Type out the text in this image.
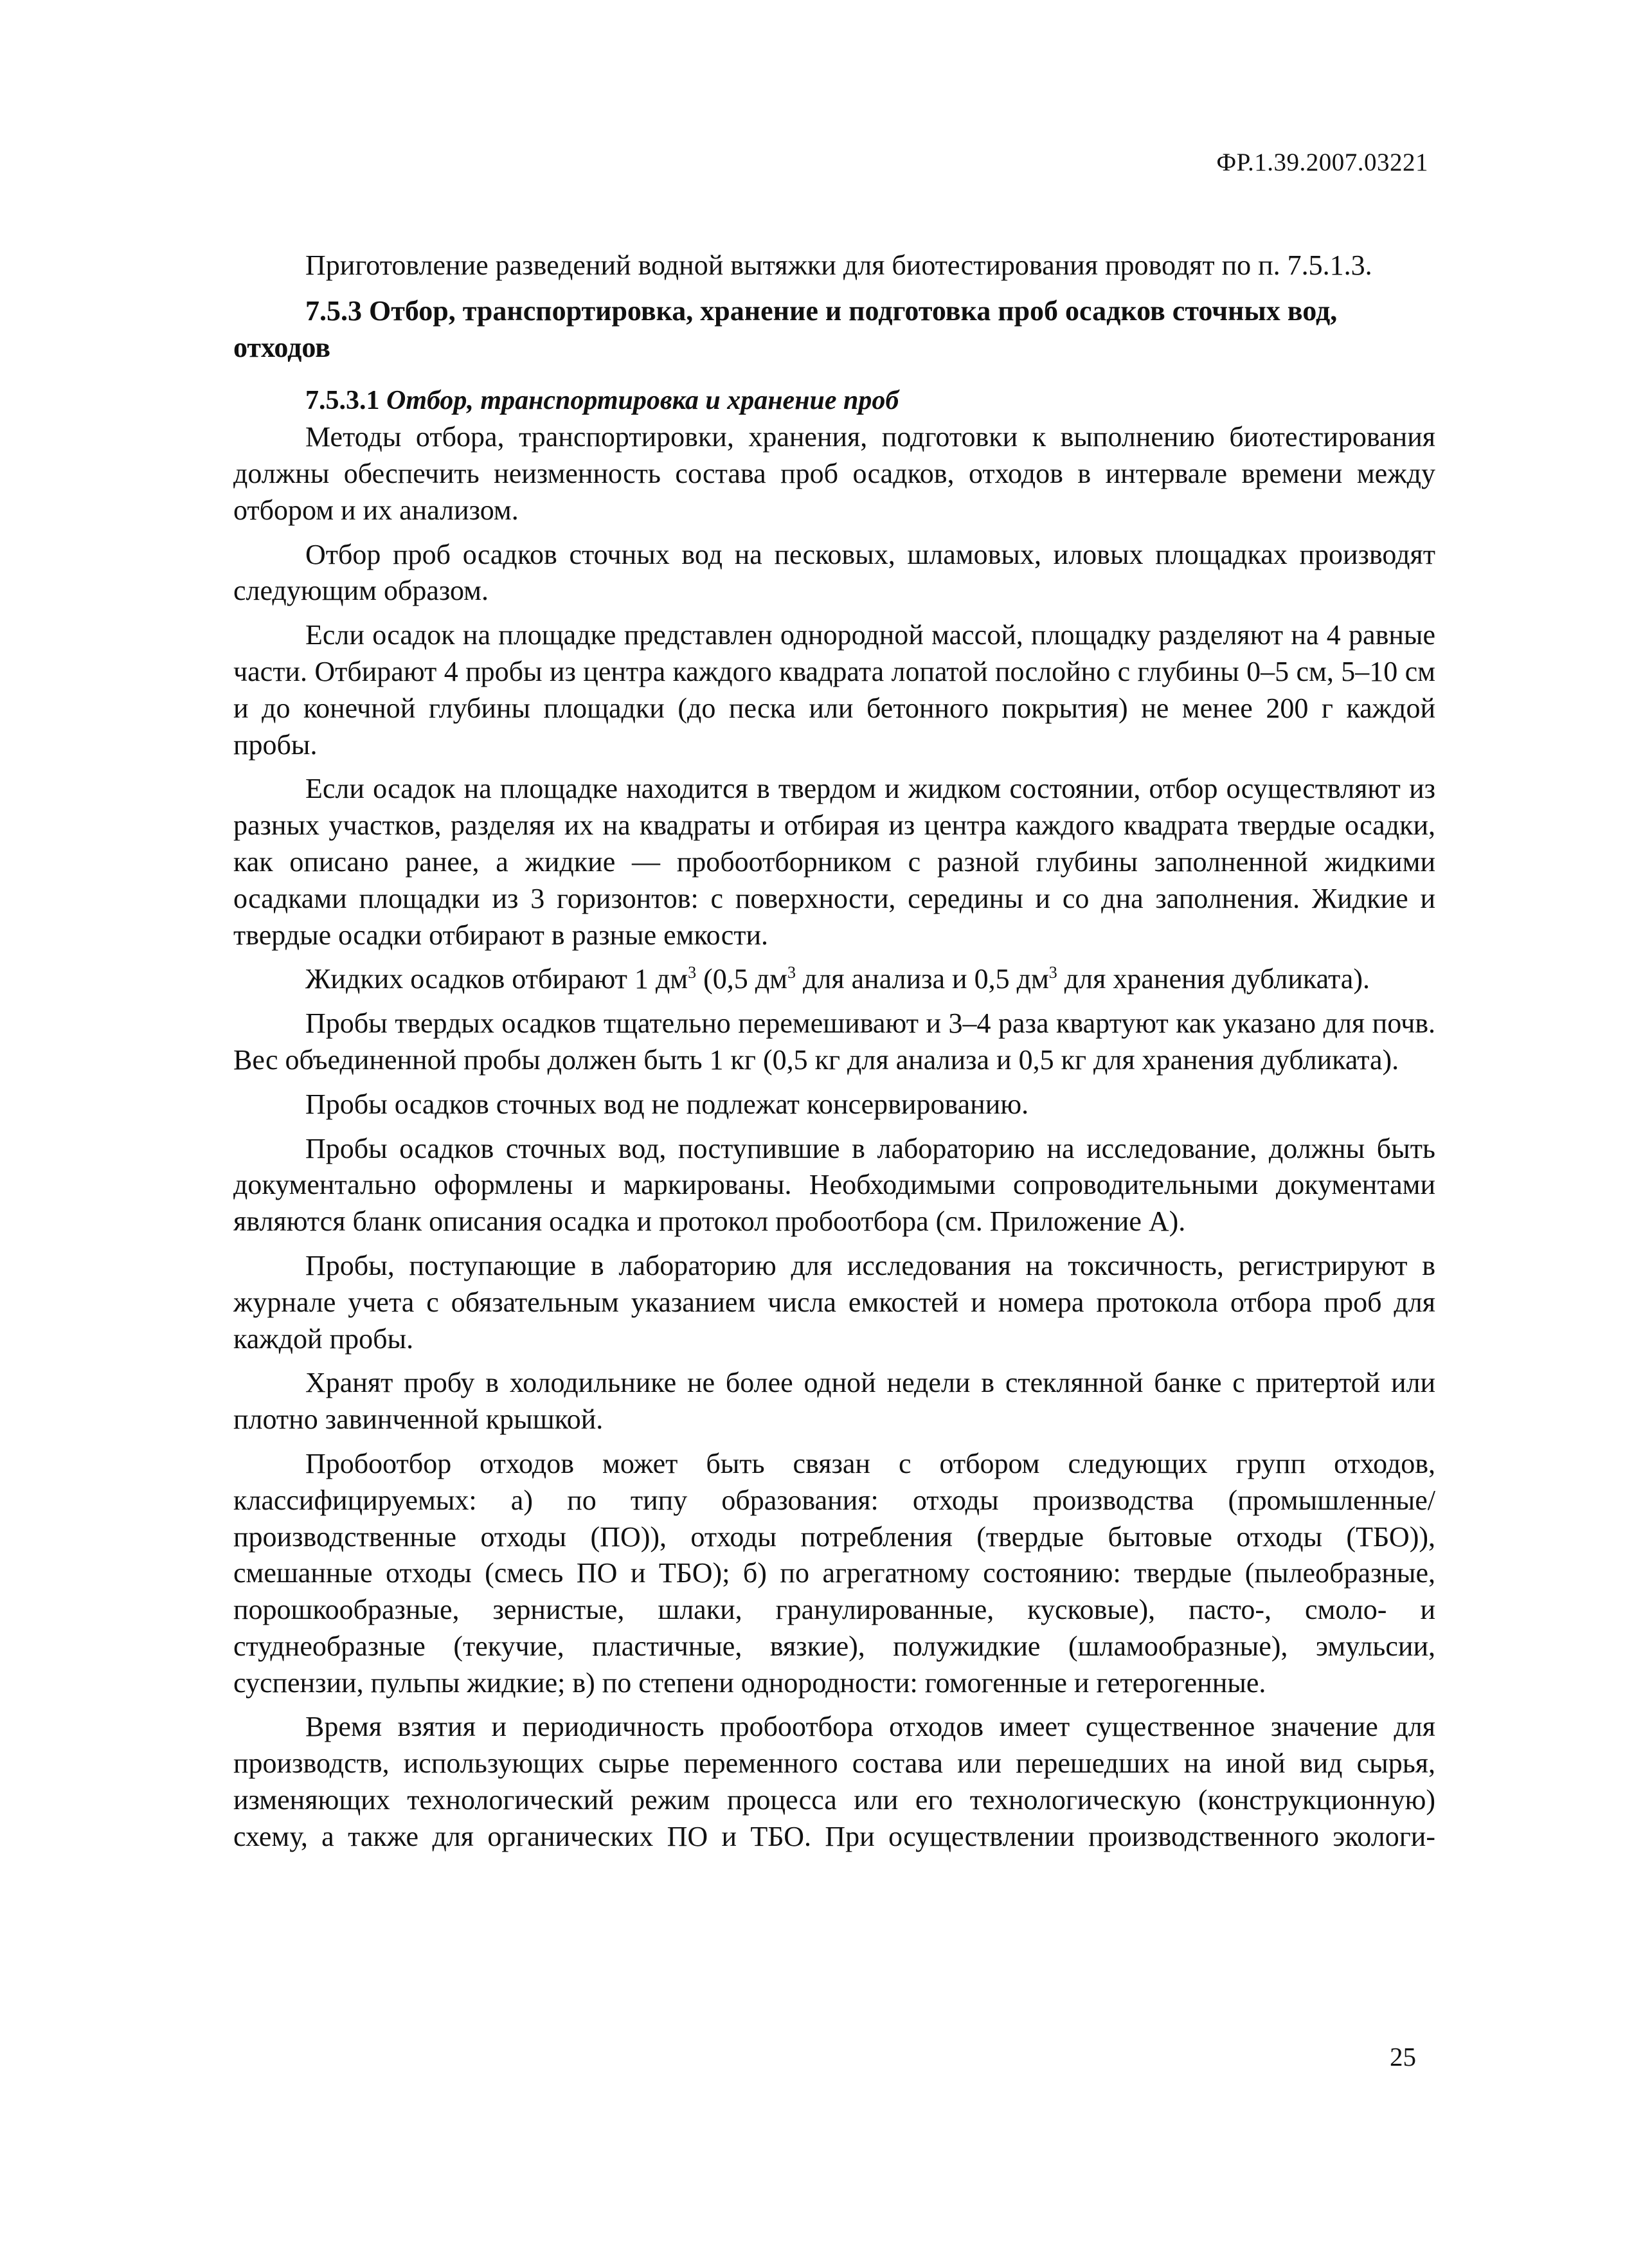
ФР.1.39.2007.03221

Приготовление разведений водной вытяжки для биотестирования проводят по п. 7.5.1.3.

7.5.3 Отбор, транспортировка, хранение и подготовка проб осадков сточных вод, отходов
7.5.3.1 Отбор, транспортировка и хранение проб

Методы отбора, транспортировки, хранения, подготовки к выполнению биотестирования должны обеспечить неизменность состава проб осадков, отходов в интервале времени между отбором и их анализом.

Отбор проб осадков сточных вод на песковых, шламовых, иловых площадках производят следующим образом.

Если осадок на площадке представлен однородной массой, площадку разделяют на 4 равные части. Отбирают 4 пробы из центра каждого квадрата лопатой послойно с глубины 0–5 см, 5–10 см и до конечной глубины площадки (до песка или бетонного покрытия) не менее 200 г каждой пробы.

Если осадок на площадке находится в твердом и жидком состоянии, отбор осуществляют из разных участков, разделяя их на квадраты и отбирая из центра каждого квадрата твердые осадки, как описано ранее, а жидкие — пробоотборником с разной глубины заполненной жидкими осадками площадки из 3 горизонтов: с поверхности, середины и со дна заполнения. Жидкие и твердые осадки отбирают в разные емкости.

Жидких осадков отбирают 1 $дм^3$ (0,5 $дм^3$ для анализа и 0,5 $дм^3$ для хранения дубликата).

Пробы твердых осадков тщательно перемешивают и 3–4 раза квартуют как указано для почв. Вес объединенной пробы должен быть 1 кг (0,5 кг для анализа и 0,5 кг для хранения дубликата).

Пробы осадков сточных вод не подлежат консервированию.

Пробы осадков сточных вод, поступившие в лабораторию на исследование, должны быть документально оформлены и маркированы. Необходимыми сопроводительными документами являются бланк описания осадка и протокол пробоотбора (см. Приложение А).

Пробы, поступающие в лабораторию для исследования на токсичность, регистрируют в журнале учета с обязательным указанием числа емкостей и номера протокола отбора проб для каждой пробы.

Хранят пробу в холодильнике не более одной недели в стеклянной банке с притертой или плотно завинченной крышкой.

Пробоотбор отходов может быть связан с отбором следующих групп отходов, классифицируемых: а) по типу образования: отходы производства (промышленные/производственные отходы (ПО)), отходы потребления (твердые бытовые отходы (ТБО)), смешанные отходы (смесь ПО и ТБО); б) по агрегатному состоянию: твердые (пылеобразные, порошкообразные, зернистые, шлаки, гранулированные, кусковые), пасто-, смоло- и студнеобразные (текучие, пластичные, вязкие), полужидкие (шламообразные), эмульсии, суспензии, пульпы жидкие; в) по степени однородности: гомогенные и гетерогенные.

Время взятия и периодичность пробоотбора отходов имеет существенное значение для производств, использующих сырье переменного состава или перешедших на иной вид сырья, изменяющих технологический режим процесса или его технологическую (конструкционную) схему, а также для органических ПО и ТБО. При осуществлении производственного экологи-

25
